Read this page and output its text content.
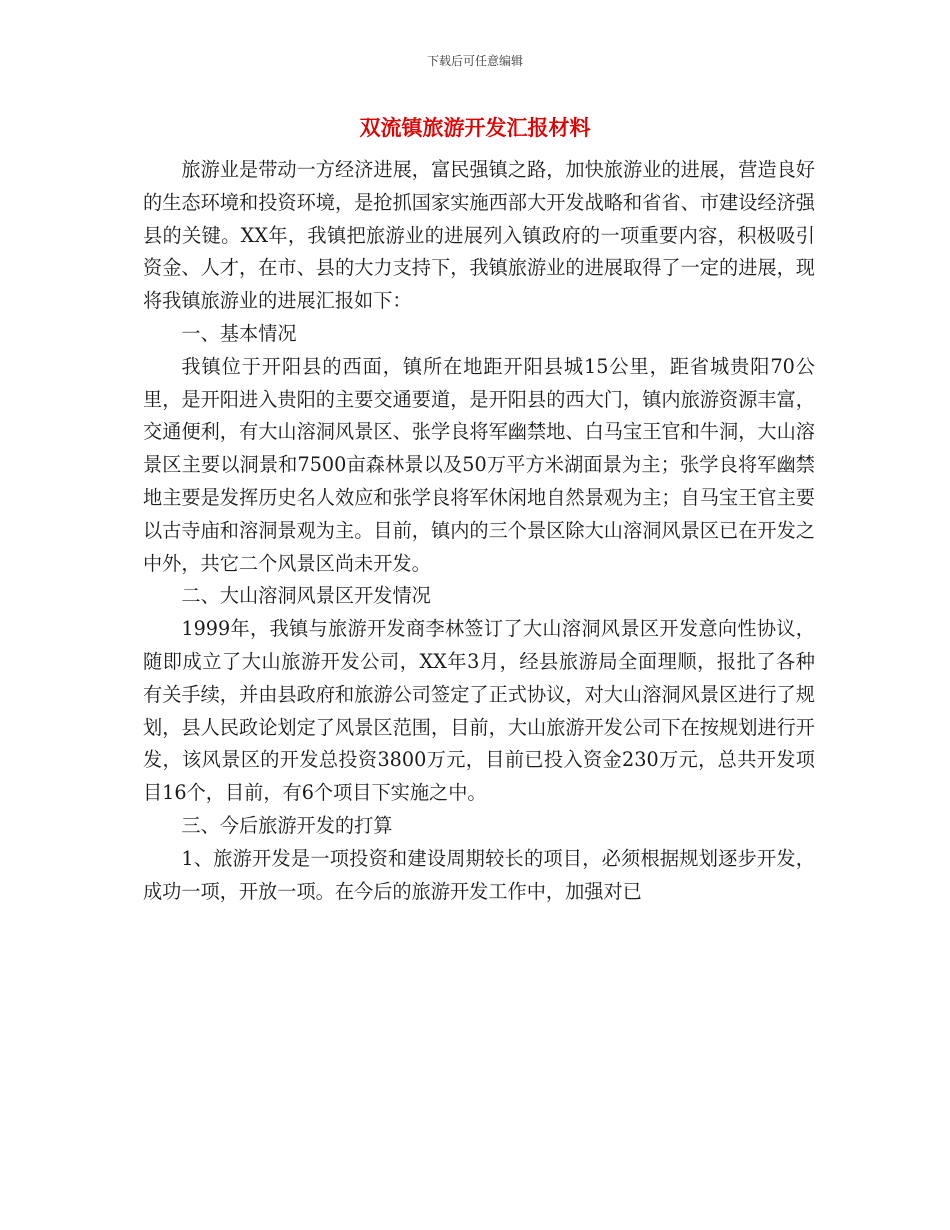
下载后可任意编辑
双流镇旅游开发汇报材料

旅游业是带动一方经济进展，富民强镇之路，加快旅游业的进展，营造良好的生态环境和投资环境，是抢抓国家实施西部大开发战略和省省、市建设经济强县的关键。XX年，我镇把旅游业的进展列入镇政府的一项重要内容，积极吸引资金、人才，在市、县的大力支持下，我镇旅游业的进展取得了一定的进展，现将我镇旅游业的进展汇报如下：

一、基本情况

我镇位于开阳县的西面，镇所在地距开阳县城15公里，距省城贵阳70公里，是开阳进入贵阳的主要交通要道，是开阳县的西大门，镇内旅游资源丰富，交通便利，有大山溶洞风景区、张学良将军幽禁地、白马宝王官和牛洞，大山溶景区主要以洞景和7500亩森林景以及50万平方米湖面景为主；张学良将军幽禁地主要是发挥历史名人效应和张学良将军休闲地自然景观为主；自马宝王官主要以古寺庙和溶洞景观为主。目前，镇内的三个景区除大山溶洞风景区已在开发之中外，共它二个风景区尚未开发。

二、大山溶洞风景区开发情况

1999年，我镇与旅游开发商李林签订了大山溶洞风景区开发意向性协议，随即成立了大山旅游开发公司，XX年3月，经县旅游局全面理顺，报批了各种有关手续，并由县政府和旅游公司签定了正式协议，对大山溶洞风景区进行了规划，县人民政论划定了风景区范围，目前，大山旅游开发公司下在按规划进行开发，该风景区的开发总投资3800万元，目前已投入资金230万元，总共开发项目16个，目前，有6个项目下实施之中。

三、今后旅游开发的打算

1、旅游开发是一项投资和建设周期较长的项目，必须根据规划逐步开发，成功一项，开放一项。在今后的旅游开发工作中，加强对已
